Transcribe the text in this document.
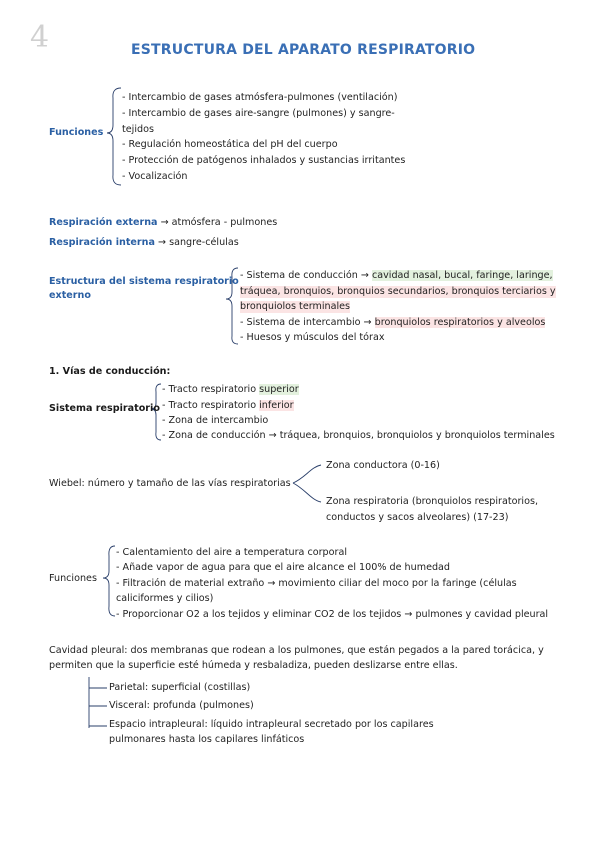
4	ESTRUCTURA DEL APARATO RESPIRATORIO
Funciones
- Intercambio de gases atmósfera-pulmones (ventilación)
- Intercambio de gases aire-sangre (pulmones) y sangre-
tejidos
- Regulación homeostática del pH del cuerpo
- Protección de patógenos inhalados y sustancias irritantes
- Vocalización
Respiración externa → atmósfera - pulmones
Respiración interna → sangre-células
Estructura del sistema respiratorio
externo
- Sistema de conducción → cavidad nasal, bucal, faringe, laringe,
tráquea, bronquios, bronquios secundarios, bronquios terciarios y
bronquiolos terminales
- Sistema de intercambio → bronquiolos respiratorios y alveolos
- Huesos y músculos del tórax
1. Vías de conducción:
Sistema respiratorio
- Tracto respiratorio superior
- Tracto respiratorio inferior
- Zona de intercambio
- Zona de conducción → tráquea, bronquios, bronquiolos y bronquiolos terminales
Wiebel: número y tamaño de las vías respiratorias
Zona conductora (0-16)
Zona respiratoria (bronquiolos respiratorios,
conductos y sacos alveolares) (17-23)
Funciones
- Calentamiento del aire a temperatura corporal
- Añade vapor de agua para que el aire alcance el 100% de humedad
- Filtración de material extraño → movimiento ciliar del moco por la faringe (células
caliciformes y cilios)
- Proporcionar O2 a los tejidos y eliminar CO2 de los tejidos → pulmones y cavidad pleural
Cavidad pleural: dos membranas que rodean a los pulmones, que están pegados a la pared torácica, y
permiten que la superficie esté húmeda y resbaladiza, pueden deslizarse entre ellas.
Parietal: superficial (costillas)
Visceral: profunda (pulmones)
Espacio intrapleural: líquido intrapleural secretado por los capilares
pulmonares hasta los capilares linfáticos
